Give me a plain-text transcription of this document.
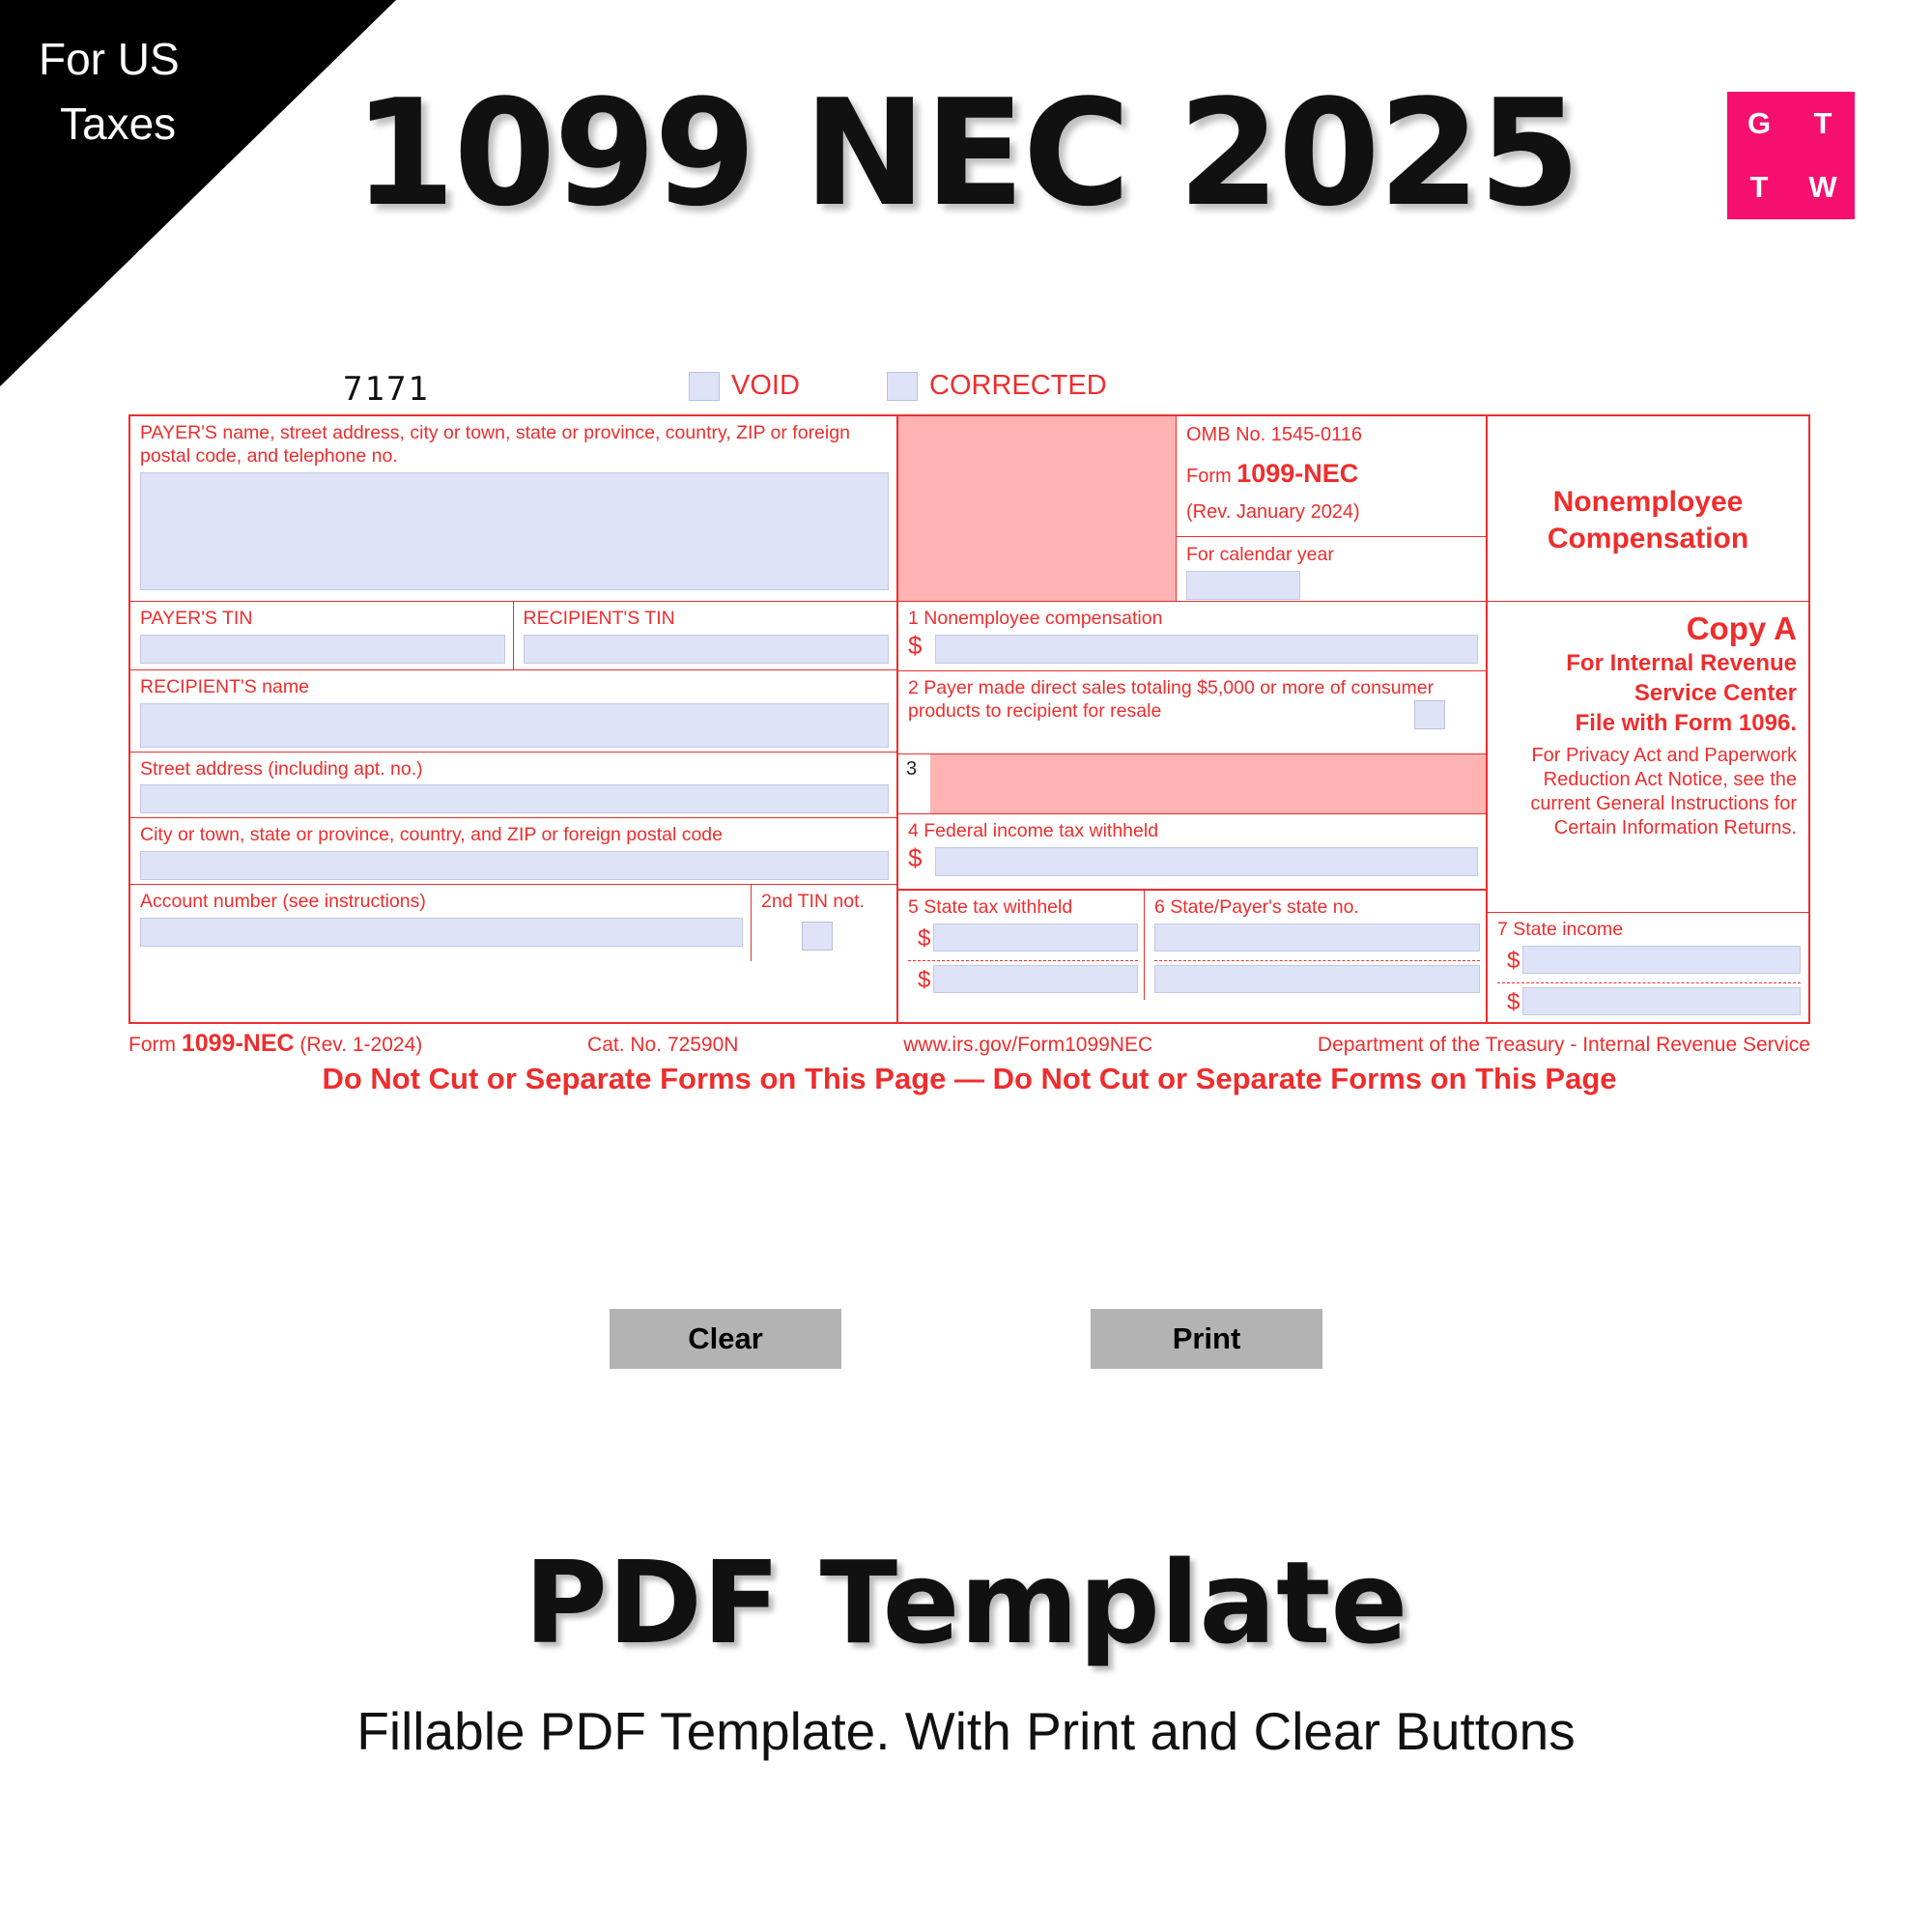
For US
Taxes	1099 NEC 2025	G T
T W
7171	VOID	CORRECTED
PAYER'S name, street address, city or town, state or province, country, ZIP or foreign postal code, and telephone no.
PAYER'S TIN	RECIPIENT'S TIN
RECIPIENT'S name
Street address (including apt. no.)
City or town, state or province, country, and ZIP or foreign postal code
Account number (see instructions)	2nd TIN not.
OMB No. 1545-0116
Form 1099-NEC
(Rev. January 2024)
For calendar year
1 Nonemployee compensation
$
2 Payer made direct sales totaling $5,000 or more of consumer products to recipient for resale
3
4 Federal income tax withheld
$
5 State tax withheld
$
$
6 State/Payer's state no.
Nonemployee Compensation
Copy A
For Internal Revenue Service Center
File with Form 1096.
For Privacy Act and Paperwork Reduction Act Notice, see the current General Instructions for Certain Information Returns.
7 State income
$
$
Form 1099-NEC (Rev. 1-2024)	Cat. No. 72590N	www.irs.gov/Form1099NEC	Department of the Treasury - Internal Revenue Service
Do Not Cut or Separate Forms on This Page — Do Not Cut or Separate Forms on This Page
Clear	Print
PDF Template
Fillable PDF Template. With Print and Clear Buttons
